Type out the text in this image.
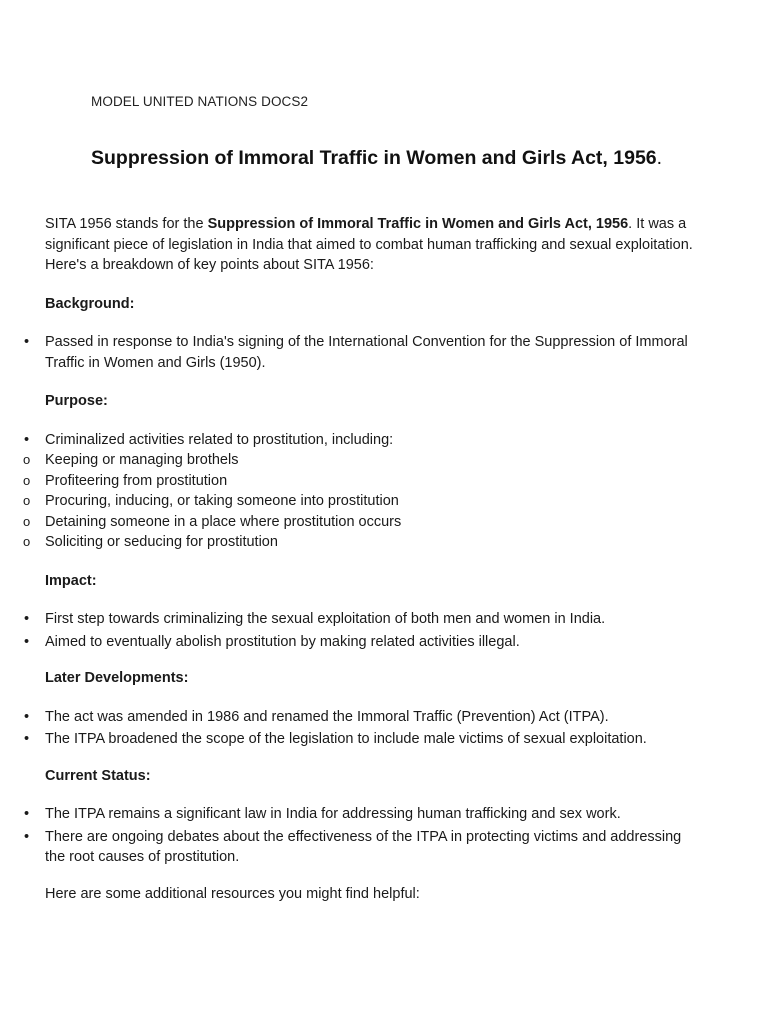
MODEL UNITED NATIONS DOCS2
Suppression of Immoral Traffic in Women and Girls Act, 1956.

SITA 1956 stands for the Suppression of Immoral Traffic in Women and Girls Act, 1956. It was a significant piece of legislation in India that aimed to combat human trafficking and sexual exploitation. Here's a breakdown of key points about SITA 1956:

Background:

• Passed in response to India's signing of the International Convention for the Suppression of Immoral Traffic in Women and Girls (1950).

Purpose:

• Criminalized activities related to prostitution, including:
o Keeping or managing brothels
o Profiteering from prostitution
o Procuring, inducing, or taking someone into prostitution
o Detaining someone in a place where prostitution occurs
o Soliciting or seducing for prostitution

Impact:

• First step towards criminalizing the sexual exploitation of both men and women in India.
• Aimed to eventually abolish prostitution by making related activities illegal.

Later Developments:

• The act was amended in 1986 and renamed the Immoral Traffic (Prevention) Act (ITPA).
• The ITPA broadened the scope of the legislation to include male victims of sexual exploitation.

Current Status:

• The ITPA remains a significant law in India for addressing human trafficking and sex work.
• There are ongoing debates about the effectiveness of the ITPA in protecting victims and addressing the root causes of prostitution.

Here are some additional resources you might find helpful:
